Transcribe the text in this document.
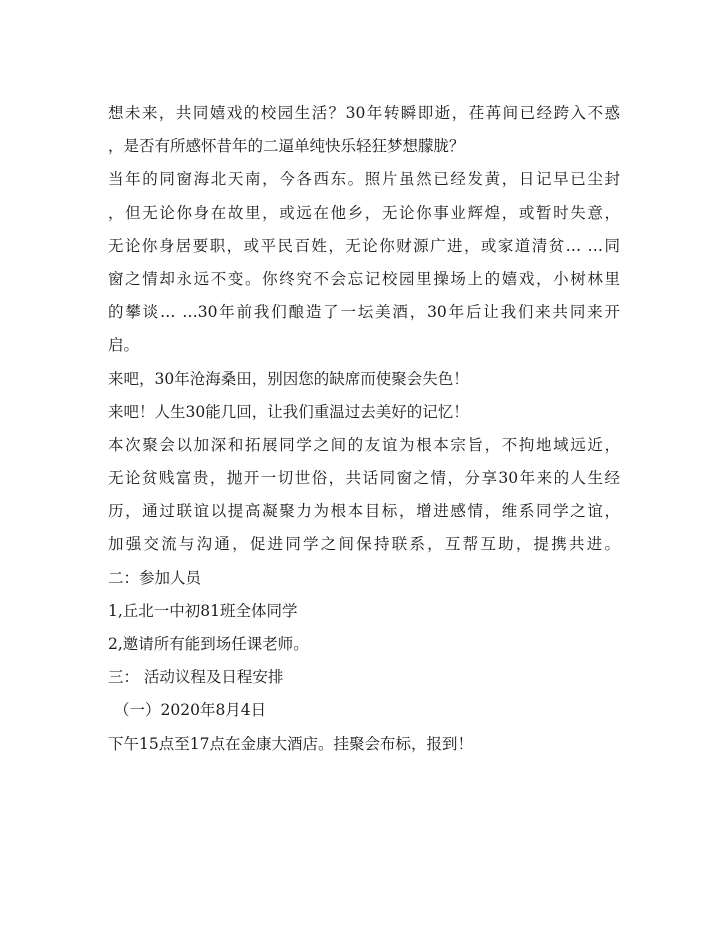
想未来，共同嬉戏的校园生活？30年转瞬即逝，荏苒间已经跨入不惑
，是否有所感怀昔年的二逼单纯快乐轻狂梦想朦胧？
当年的同窗海北天南，今各西东。照片虽然已经发黄，日记早已尘封
，但无论你身在故里，或远在他乡，无论你事业辉煌，或暂时失意，
无论你身居要职，或平民百姓，无论你财源广进，或家道清贫… …同
窗之情却永远不变。你终究不会忘记校园里操场上的嬉戏，小树林里
的攀谈… …30年前我们酿造了一坛美酒，30年后让我们来共同来开
启。
来吧，30年沧海桑田，别因您的缺席而使聚会失色！
来吧！人生30能几回，让我们重温过去美好的记忆！
本次聚会以加深和拓展同学之间的友谊为根本宗旨，不拘地域远近，
无论贫贱富贵，抛开一切世俗，共话同窗之情，分享30年来的人生经
历，通过联谊以提高凝聚力为根本目标，增进感情，维系同学之谊，
加强交流与沟通，促进同学之间保持联系，互帮互助，提携共进。
二：参加人员
1,丘北一中初81班全体同学
2,邀请所有能到场任课老师。
三： 活动议程及日程安排
（一）2020年8月4日
下午15点至17点在金康大酒店。挂聚会布标，报到！
